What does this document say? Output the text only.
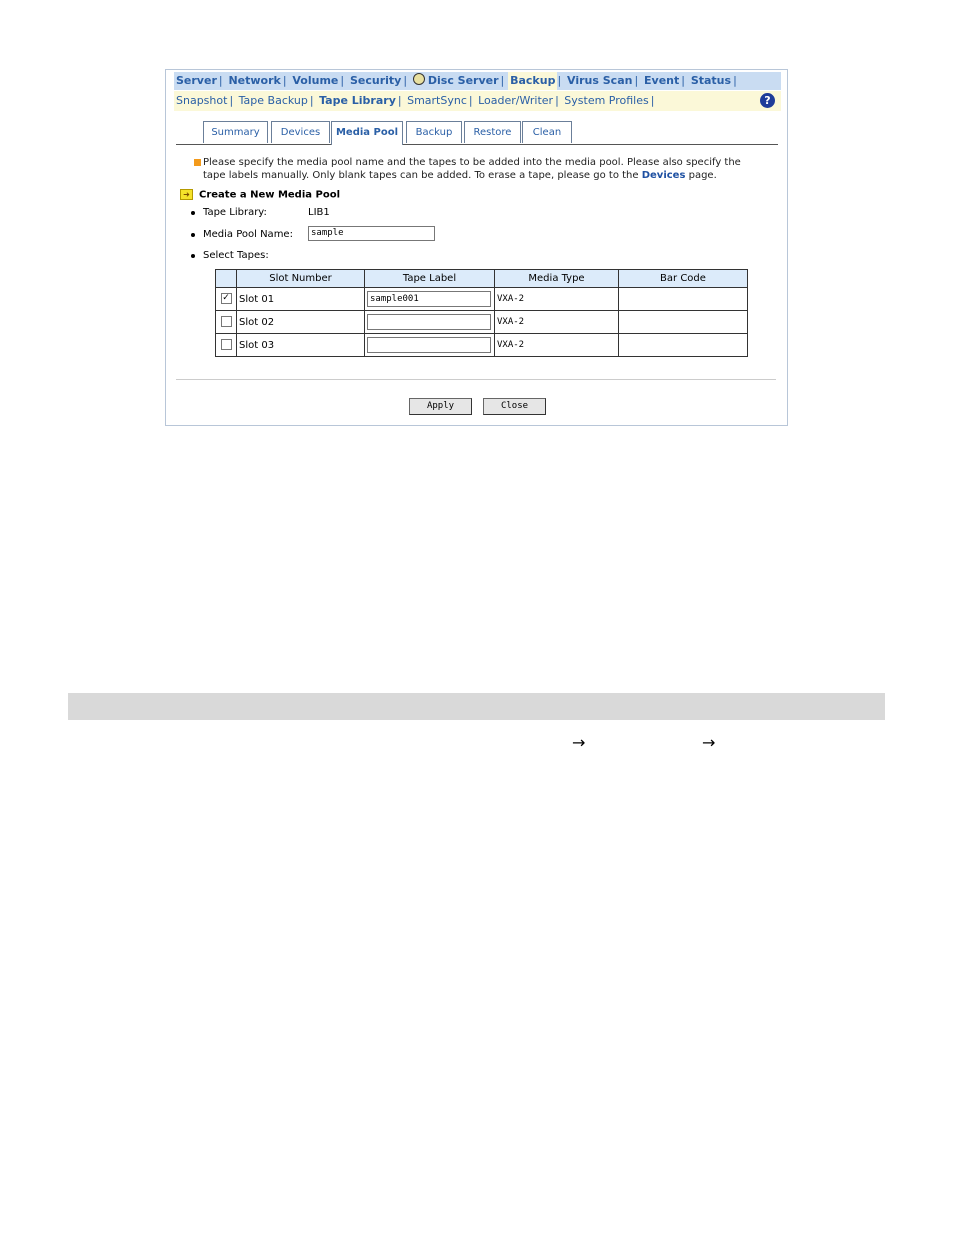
Server | Network | Volume | Security | Disc Server | Backup | Virus Scan | Event | Status |
Snapshot | Tape Backup | Tape Library | SmartSync | Loader/Writer | System Profiles |	?
Summary	Devices	Media Pool	Backup	Restore	Clean
Please specify the media pool name and the tapes to be added into the media pool. Please also specify the tape labels manually. Only blank tapes can be added. To erase a tape, please go to the Devices page.
➜ Create a New Media Pool
Tape Library:	LIB1
Media Pool Name:	sample
Select Tapes:
	Slot Number	Tape Label	Media Type	Bar Code
✓	Slot 01	sample001	VXA-2	
	Slot 02		VXA-2	
	Slot 03		VXA-2	
Apply	Close
→	→
